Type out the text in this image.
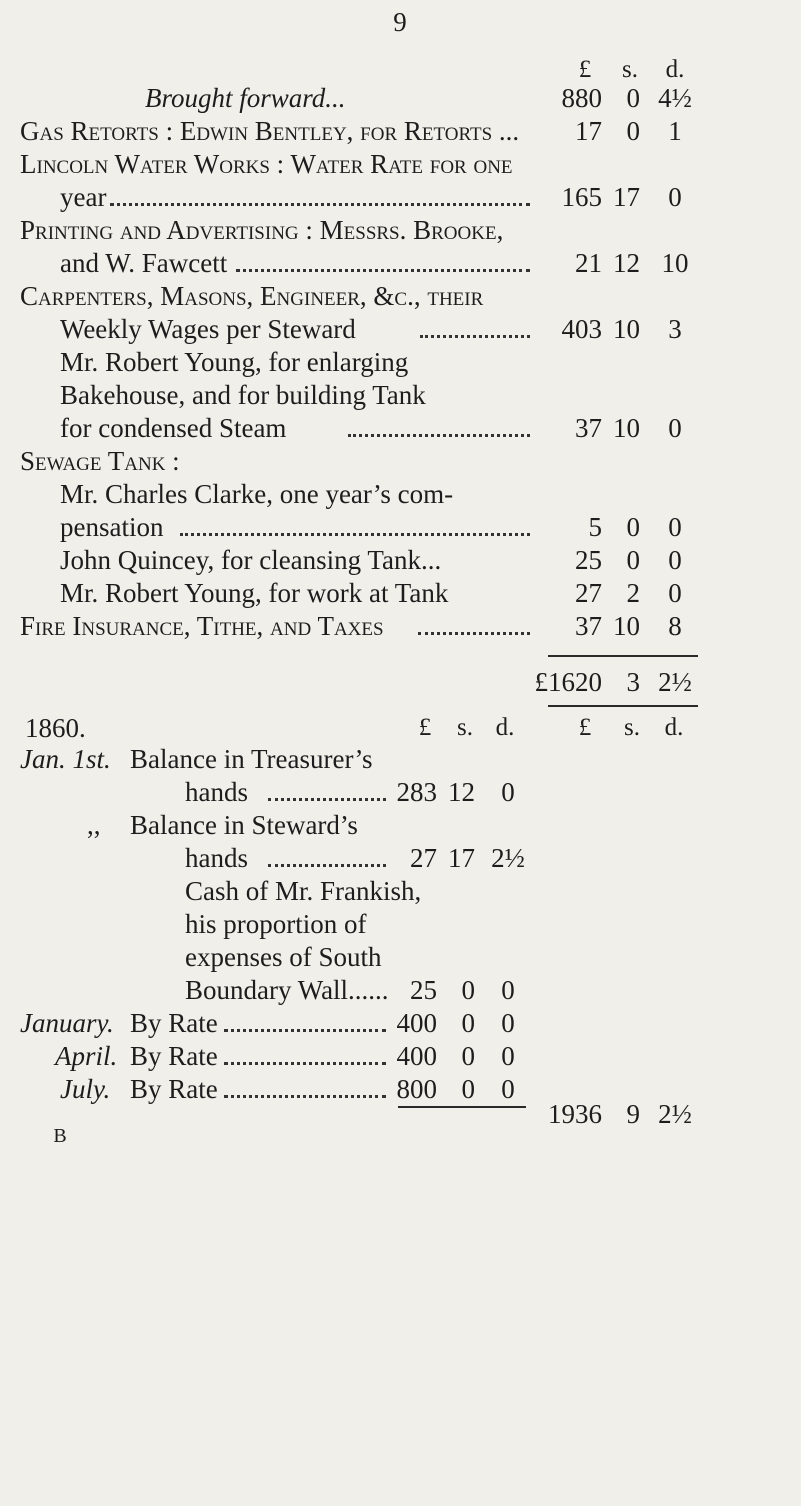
9
£	s.	d.
Brought forward...	880 0 4½
Gas Retorts : Edwin Bentley, for Retorts ...	17 0	1
Lincoln Water Works : Water Rate for one
year	165 17	0
Printing and Advertising : Messrs. Brooke,
and W. Fawcett	21 12 10
Carpenters, Masons, Engineer, &c., their
Weekly Wages per Steward	403 10	3
Mr. Robert Young, for enlarging
Bakehouse, and for building Tank
for condensed Steam	37 10	0
Sewage Tank :
Mr. Charles Clarke, one year’s com-
pensation	5 0	0
John Quincey, for cleansing Tank...	25 0	0
Mr. Robert Young, for work at Tank	27 2	0
Fire Insurance, Tithe, and Taxes	37 10	8
£1620 3 2½
1860.	£	s. d.	£	s. d.
Jan. 1st. Balance in Treasurer’s
hands	283 12 0
,, Balance in Steward’s
hands	27 17 2½
Cash of Mr. Frankish,
his proportion of
expenses of South
Boundary Wall...... 25 0 0
January. By Rate	400 0 0
April. By Rate	400 0 0
July. By Rate	800 0 0
1936 9 2½
B
